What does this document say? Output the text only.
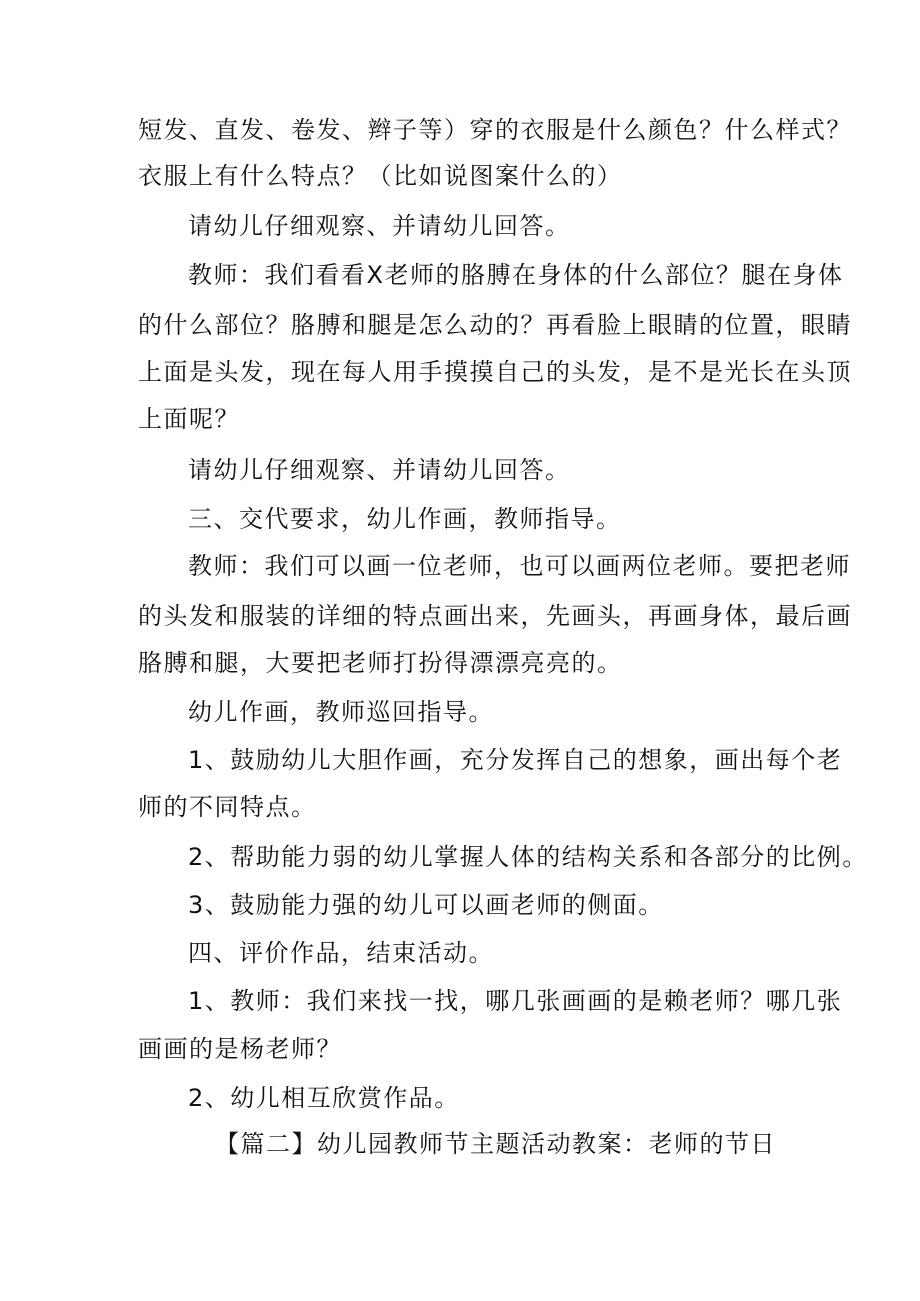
短发、直发、卷发、辫子等）穿的衣服是什么颜色？什么样式？
衣服上有什么特点？（比如说图案什么的）
请幼儿仔细观察、并请幼儿回答。
教师：我们看看X老师的胳膊在身体的什么部位？腿在身体
的什么部位？胳膊和腿是怎么动的？再看脸上眼睛的位置，眼睛
上面是头发，现在每人用手摸摸自己的头发，是不是光长在头顶
上面呢？
请幼儿仔细观察、并请幼儿回答。
三、交代要求，幼儿作画，教师指导。
教师：我们可以画一位老师，也可以画两位老师。要把老师
的头发和服装的详细的特点画出来，先画头，再画身体，最后画
胳膊和腿，大要把老师打扮得漂漂亮亮的。
幼儿作画，教师巡回指导。
1、鼓励幼儿大胆作画，充分发挥自己的想象，画出每个老
师的不同特点。
2、帮助能力弱的幼儿掌握人体的结构关系和各部分的比例。
3、鼓励能力强的幼儿可以画老师的侧面。
四、评价作品，结束活动。
1、教师：我们来找一找，哪几张画画的是赖老师？哪几张
画画的是杨老师？
2、幼儿相互欣赏作品。
【篇二】幼儿园教师节主题活动教案：老师的节日
